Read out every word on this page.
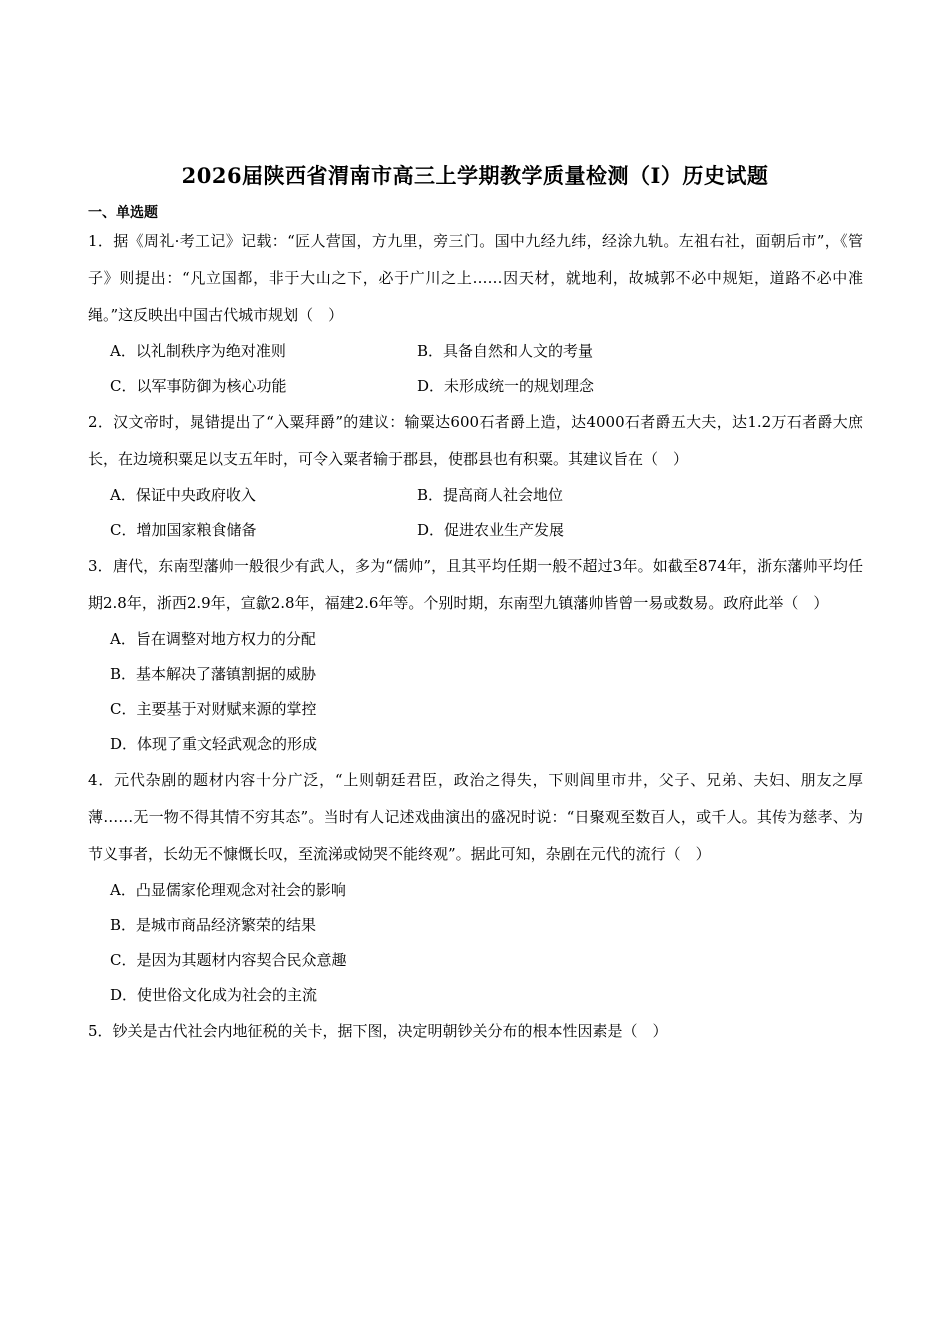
2026届陕西省渭南市高三上学期教学质量检测（Ⅰ）历史试题
一、单选题

1．据《周礼·考工记》记载：“匠人营国，方九里，旁三门。国中九经九纬，经涂九轨。左祖右社，面朝后市”，《管子》则提出：“凡立国都，非于大山之下，必于广川之上……因天材，就地利，故城郭不必中规矩，道路不必中准绳。”这反映出中国古代城市规划（　）

A．以礼制秩序为绝对准则	B．具备自然和人文的考量
C．以军事防御为核心功能	D．未形成统一的规划理念

2．汉文帝时，晁错提出了“入粟拜爵”的建议：输粟达600石者爵上造，达4000石者爵五大夫，达1.2万石者爵大庶长，在边境积粟足以支五年时，可令入粟者输于郡县，使郡县也有积粟。其建议旨在（　）

A．保证中央政府收入	B．提高商人社会地位
C．增加国家粮食储备	D．促进农业生产发展

3．唐代，东南型藩帅一般很少有武人，多为“儒帅”，且其平均任期一般不超过3年。如截至874年，浙东藩帅平均任期2.8年，浙西2.9年，宣歙2.8年，福建2.6年等。个别时期，东南型九镇藩帅皆曾一易或数易。政府此举（　）

A．旨在调整对地方权力的分配
B．基本解决了藩镇割据的威胁
C．主要基于对财赋来源的掌控
D．体现了重文轻武观念的形成

4．元代杂剧的题材内容十分广泛，“上则朝廷君臣，政治之得失，下则闾里市井，父子、兄弟、夫妇、朋友之厚薄……无一物不得其情不穷其态”。当时有人记述戏曲演出的盛况时说：“日聚观至数百人，或千人。其传为慈孝、为节义事者，长幼无不慷慨长叹，至流涕或恸哭不能终观”。据此可知，杂剧在元代的流行（　）

A．凸显儒家伦理观念对社会的影响
B．是城市商品经济繁荣的结果
C．是因为其题材内容契合民众意趣
D．使世俗文化成为社会的主流

5．钞关是古代社会内地征税的关卡，据下图，决定明朝钞关分布的根本性因素是（　）
